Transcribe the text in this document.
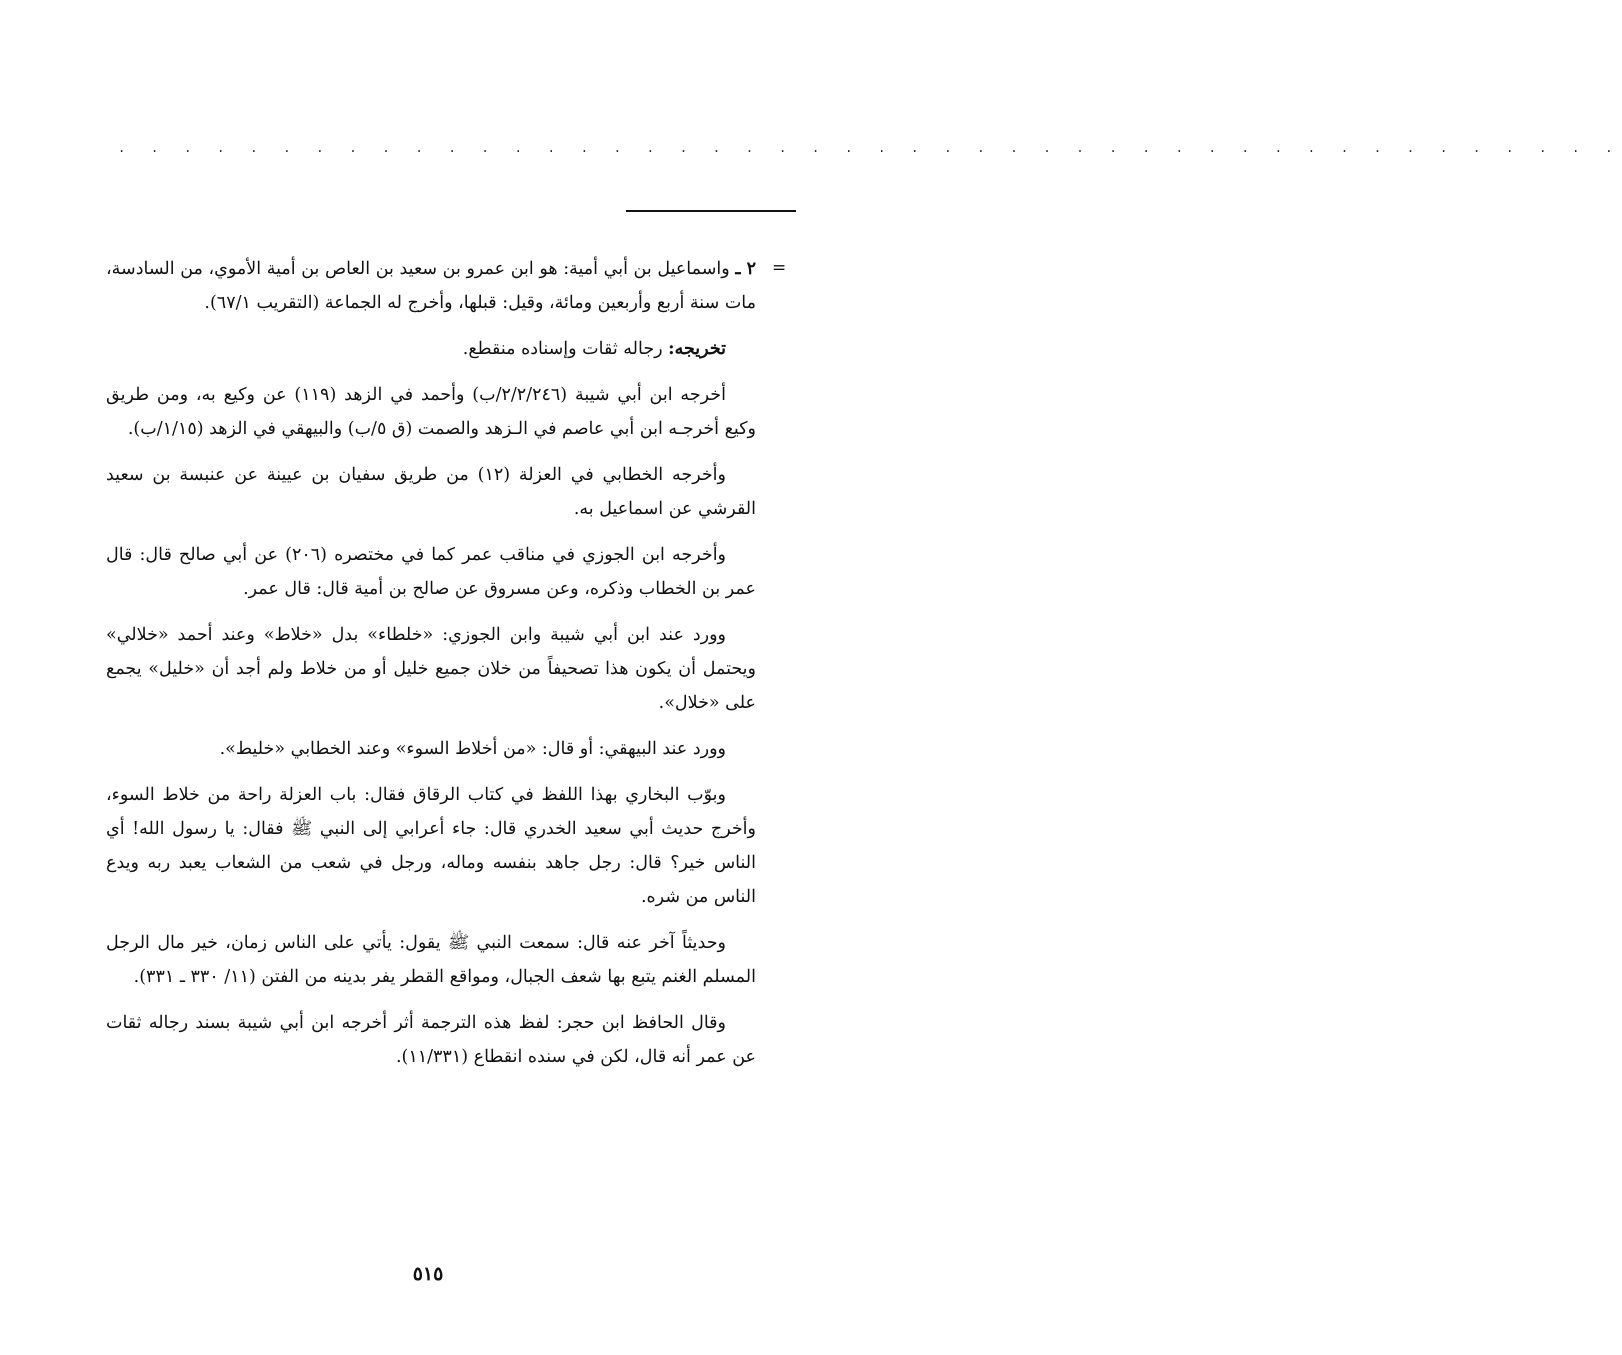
. . . . . . . . . . . . . . . . . . . . . . . . . . . . . . . . . . . . . . . . . . . . . .
=

٢ ـ واسماعيل بن أبي أمية: هو ابن عمرو بن سعيد بن العاص بن أمية الأموي، من السادسة، مات سنة أربع وأربعين ومائة، وقيل: قبلها، وأخرج له الجماعة (التقريب ٦٧/١).

تخريجه: رجاله ثقات وإسناده منقطع.

أخرجه ابن أبي شيبة (٢/٢/٢٤٦/ب) وأحمد في الزهد (١١٩) عن وكيع به، ومن طريق وكيع أخرجـه ابن أبي عاصم في الـزهد والصمت (ق ٥/ب) والبيهقي في الزهد (١/١٥/ب).

وأخرجه الخطابي في العزلة (١٢) من طريق سفيان بن عيينة عن عنبسة بن سعيد القرشي عن اسماعيل به.

وأخرجه ابن الجوزي في مناقب عمر كما في مختصره (٢٠٦) عن أبي صالح قال: قال عمر بن الخطاب وذكره، وعن مسروق عن صالح بن أمية قال: قال عمر.

وورد عند ابن أبي شيبة وابن الجوزي: «خلطاء» بدل «خلاط» وعند أحمد «خلالي» ويحتمل أن يكون هذا تصحيفاً من خلان جميع خليل أو من خلاط ولم أجد أن «خليل» يجمع على «خلال».

وورد عند البيهقي: أو قال: «من أخلاط السوء» وعند الخطابي «خليط».

وبوّب البخاري بهذا اللفظ في كتاب الرقاق فقال: باب العزلة راحة من خلاط السوء، وأخرج حديث أبي سعيد الخدري قال: جاء أعرابي إلى النبي ﷺ فقال: يا رسول الله! أي الناس خير؟ قال: رجل جاهد بنفسه وماله، ورجل في شعب من الشعاب يعبد ربه ويدع الناس من شره.

وحديثاً آخر عنه قال: سمعت النبي ﷺ يقول: يأتي على الناس زمان، خير مال الرجل المسلم الغنم يتبع بها شعف الجبال، ومواقع القطر يفر بدينه من الفتن (١١/ ٣٣٠ ـ ٣٣١).

وقال الحافظ ابن حجر: لفظ هذه الترجمة أثر أخرجه ابن أبي شيبة بسند رجاله ثقات عن عمر أنه قال، لكن في سنده انقطاع (١١/٣٣١).

٥١٥
